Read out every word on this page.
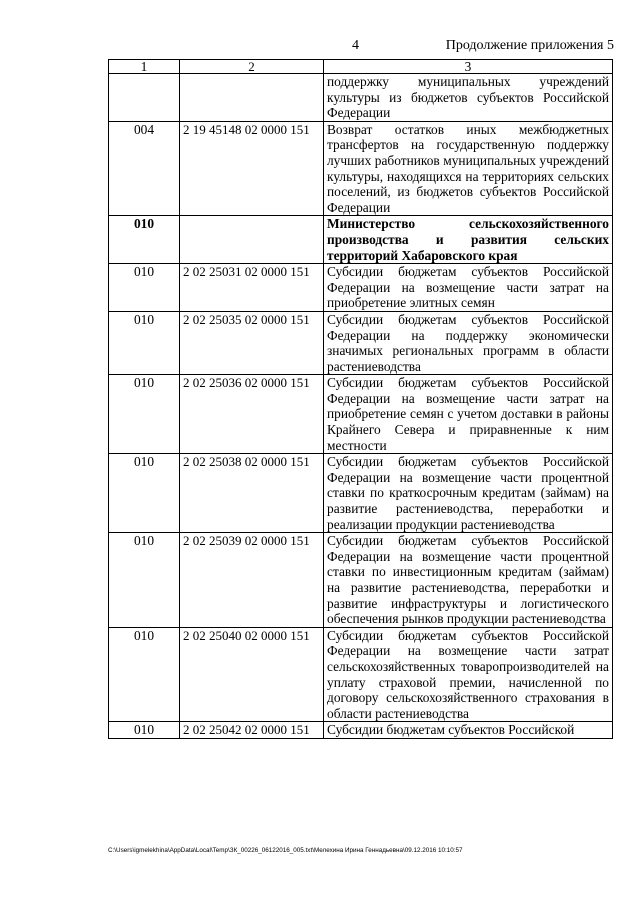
4	Продолжение приложения 5
1	2	3
		поддержку муниципальных учреждений культуры из бюджетов субъектов Российской Федерации
004	2 19 45148 02 0000 151	Возврат остатков иных межбюджетных трансфертов на государственную поддержку лучших работников муниципальных учреждений культуры, находящихся на территориях сельских поселений, из бюджетов субъектов Российской Федерации
010		Министерство сельскохозяйственного производства и развития сельских территорий Хабаровского края
010	2 02 25031 02 0000 151	Субсидии бюджетам субъектов Российской Федерации на возмещение части затрат на приобретение элитных семян
010	2 02 25035 02 0000 151	Субсидии бюджетам субъектов Российской Федерации на поддержку экономически значимых региональных программ в области растениеводства
010	2 02 25036 02 0000 151	Субсидии бюджетам субъектов Российской Федерации на возмещение части затрат на приобретение семян с учетом доставки в районы Крайнего Севера и приравненные к ним местности
010	2 02 25038 02 0000 151	Субсидии бюджетам субъектов Российской Федерации на возмещение части процентной ставки по краткосрочным кредитам (займам) на развитие растениеводства, переработки и реализации продукции растениеводства
010	2 02 25039 02 0000 151	Субсидии бюджетам субъектов Российской Федерации на возмещение части процентной ставки по инвестиционным кредитам (займам) на развитие растениеводства, переработки и развитие инфраструктуры и логистического обеспечения рынков продукции растениеводства
010	2 02 25040 02 0000 151	Субсидии бюджетам субъектов Российской Федерации на возмещение части затрат сельскохозяйственных товаропроизводителей на уплату страховой премии, начисленной по договору сельскохозяйственного страхования в области растениеводства
010	2 02 25042 02 0000 151	Субсидии бюджетам субъектов Российской
C:\Users\igmelekhina\AppData\Local\Temp\ЗК_00226_06122016_005.txt\Мелехина Ирина Геннадьевна\09.12.2016 10:10:57
